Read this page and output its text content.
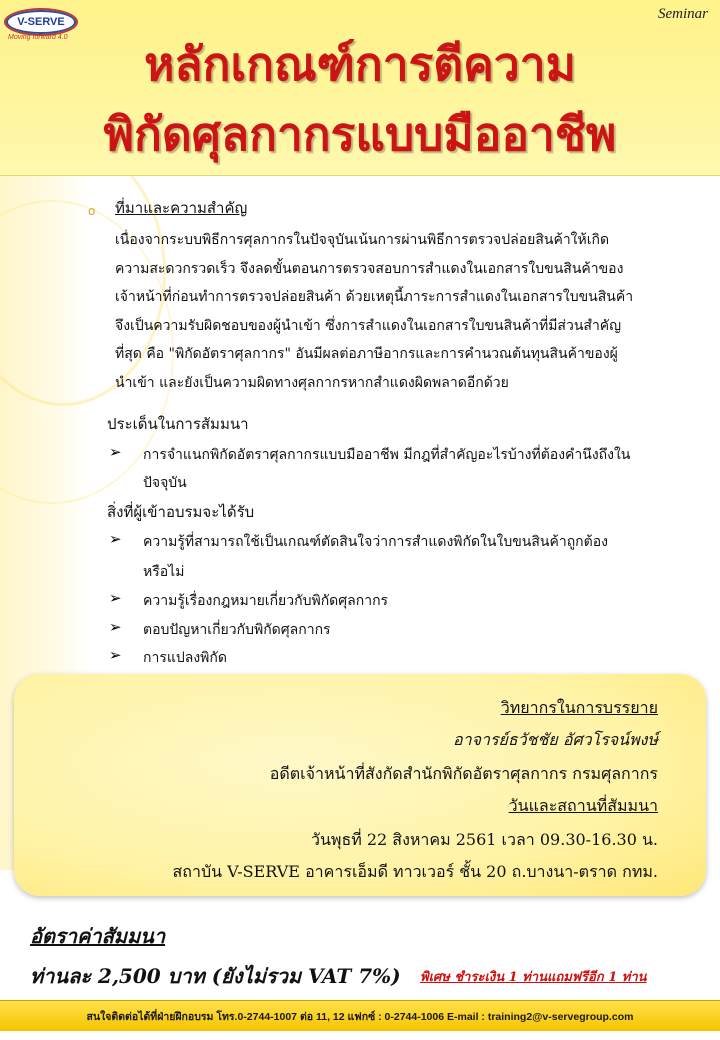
V-SERVE
Moving forward 4.0
Seminar
หลักเกณฑ์การตีความ
พิกัดศุลกากรแบบมืออาชีพ
o ที่มาและความสำคัญ
เนื่องจากระบบพิธีการศุลกากรในปัจจุบันเน้นการผ่านพิธีการตรวจปล่อยสินค้าให้เกิด
ความสะดวกรวดเร็ว จึงลดขั้นตอนการตรวจสอบการสำแดงในเอกสารใบขนสินค้าของ
เจ้าหน้าที่ก่อนทำการตรวจปล่อยสินค้า ด้วยเหตุนี้ภาระการสำแดงในเอกสารใบขนสินค้า
จึงเป็นความรับผิดชอบของผู้นำเข้า ซึ่งการสำแดงในเอกสารใบขนสินค้าที่มีส่วนสำคัญ
ที่สุด คือ "พิกัดอัตราศุลกากร" อันมีผลต่อภาษีอากรและการคำนวณต้นทุนสินค้าของผู้
นำเข้า และยังเป็นความผิดทางศุลกากรหากสำแดงผิดพลาดอีกด้วย
ประเด็นในการสัมมนา
➢ การจำแนกพิกัดอัตราศุลกากรแบบมืออาชีพ มีกฎที่สำคัญอะไรบ้างที่ต้องคำนึงถึงใน
ปัจจุบัน
สิ่งที่ผู้เข้าอบรมจะได้รับ
➢ ความรู้ที่สามารถใช้เป็นเกณฑ์ตัดสินใจว่าการสำแดงพิกัดในใบขนสินค้าถูกต้อง
หรือไม่
➢ ความรู้เรื่องกฎหมายเกี่ยวกับพิกัดศุลกากร
➢ ตอบปัญหาเกี่ยวกับพิกัดศุลกากร
➢ การแปลงพิกัด
วิทยากรในการบรรยาย
อาจารย์ธวัชชัย อัศวโรจน์พงษ์
อดีตเจ้าหน้าที่สังกัดสำนักพิกัดอัตราศุลกากร กรมศุลกากร
วันและสถานที่สัมมนา
วันพุธที่ 22 สิงหาคม 2561 เวลา 09.30-16.30 น.
สถาบัน V-SERVE อาคารเอ็มดี ทาวเวอร์ ชั้น 20 ถ.บางนา-ตราด กทม.
อัตราค่าสัมมนา
ท่านละ 2,500 บาท (ยังไม่รวม VAT 7%) พิเศษ ชำระเงิน 1 ท่านแถมฟรีอีก 1 ท่าน
สนใจติดต่อได้ที่ฝ่ายฝึกอบรม โทร.0-2744-1007 ต่อ 11, 12 แฟกซ์ : 0-2744-1006 E-mail : training2@v-servegroup.com
